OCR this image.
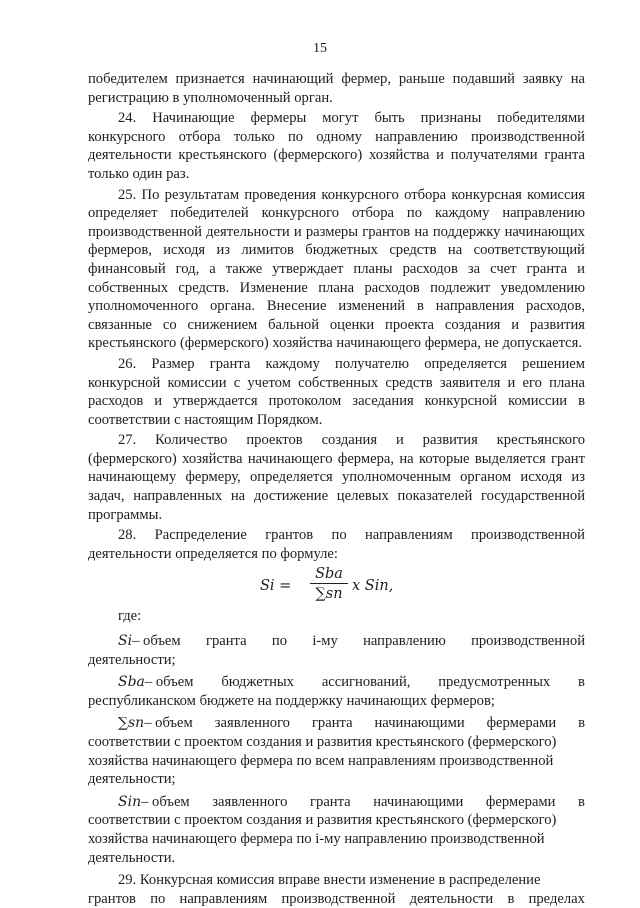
15

победителем признается начинающий фермер, раньше подавший заявку на регистрацию в уполномоченный орган.

24. Начинающие фермеры могут быть признаны победителями конкурсного отбора только по одному направлению производственной деятельности крестьянского (фермерского) хозяйства и получателями гранта только один раз.

25. По результатам проведения конкурсного отбора конкурсная комиссия определяет победителей конкурсного отбора по каждому направлению производственной деятельности и размеры грантов на поддержку начинающих фермеров, исходя из лимитов бюджетных средств на соответствующий финансовый год, а также утверждает планы расходов за счет гранта и собственных средств. Изменение плана расходов подлежит уведомлению уполномоченного органа. Внесение изменений в направления расходов, связанные со снижением бальной оценки проекта создания и развития крестьянского (фермерского) хозяйства начинающего фермера, не допускается.

26. Размер гранта каждому получателю определяется решением конкурсной комиссии с учетом собственных средств заявителя и его плана расходов и утверждается протоколом заседания конкурсной комиссии в соответствии с настоящим Порядком.

27. Количество проектов создания и развития крестьянского (фермерского) хозяйства начинающего фермера, на которые выделяется грант начинающему фермеру, определяется уполномоченным органом исходя из задач, направленных на достижение целевых показателей государственной программы.

28. Распределение грантов по направлениям производственной деятельности определяется по формуле:

Si =
Sba
∑sn x Sin,

где:

Si– объем гранта по i-му направлению производственной
деятельности;
Sba– объем бюджетных ассигнований, предусмотренных в
республиканском бюджете на поддержку начинающих фермеров;
∑sn– объем заявленного гранта начинающими фермерами в
соответствии с проектом создания и развития крестьянского (фермерского) хозяйства начинающего фермера по всем направлениям производственной деятельности;
Sin– объем заявленного гранта начинающими фермерами в
соответствии с проектом создания и развития крестьянского (фермерского) хозяйства начинающего фермера по i-му направлению производственной деятельности.

29. Конкурсная комиссия вправе внести изменение в распределение

грантов по направлениям производственной деятельности в пределах
